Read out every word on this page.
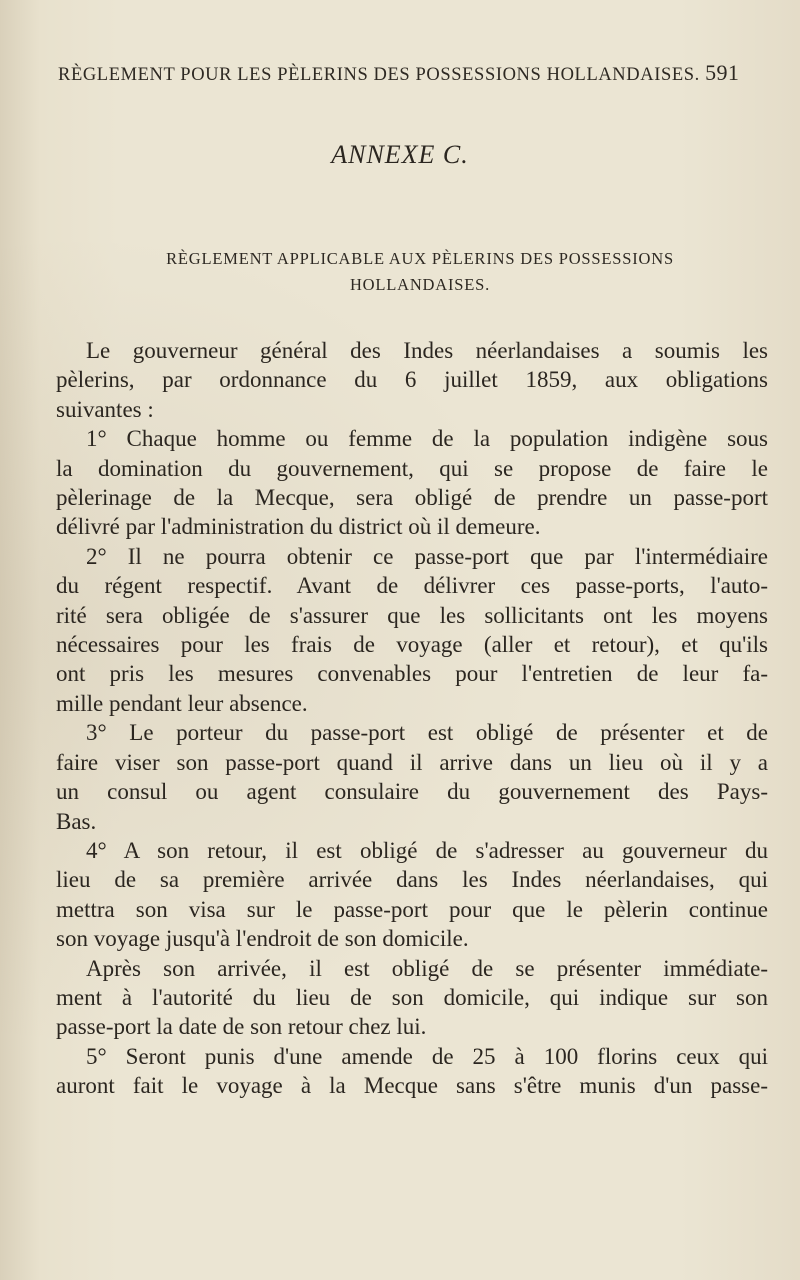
RÈGLEMENT POUR LES PÈLERINS DES POSSESSIONS HOLLANDAISES. 591
ANNEXE C.
RÈGLEMENT APPLICABLE AUX PÈLERINS DES POSSESSIONS
HOLLANDAISES.
Le gouverneur général des Indes néerlandaises a soumis les
pèlerins, par ordonnance du 6 juillet 1859, aux obligations
suivantes :
1° Chaque homme ou femme de la population indigène sous
la domination du gouvernement, qui se propose de faire le
pèlerinage de la Mecque, sera obligé de prendre un passe-port
délivré par l'administration du district où il demeure.
2° Il ne pourra obtenir ce passe-port que par l'intermédiaire
du régent respectif. Avant de délivrer ces passe-ports, l'auto-
rité sera obligée de s'assurer que les sollicitants ont les moyens
nécessaires pour les frais de voyage (aller et retour), et qu'ils
ont pris les mesures convenables pour l'entretien de leur fa-
mille pendant leur absence.
3° Le porteur du passe-port est obligé de présenter et de
faire viser son passe-port quand il arrive dans un lieu où il y a
un consul ou agent consulaire du gouvernement des Pays-
Bas.
4° A son retour, il est obligé de s'adresser au gouverneur du
lieu de sa première arrivée dans les Indes néerlandaises, qui
mettra son visa sur le passe-port pour que le pèlerin continue
son voyage jusqu'à l'endroit de son domicile.
Après son arrivée, il est obligé de se présenter immédiate-
ment à l'autorité du lieu de son domicile, qui indique sur son
passe-port la date de son retour chez lui.
5° Seront punis d'une amende de 25 à 100 florins ceux qui
auront fait le voyage à la Mecque sans s'être munis d'un passe-
